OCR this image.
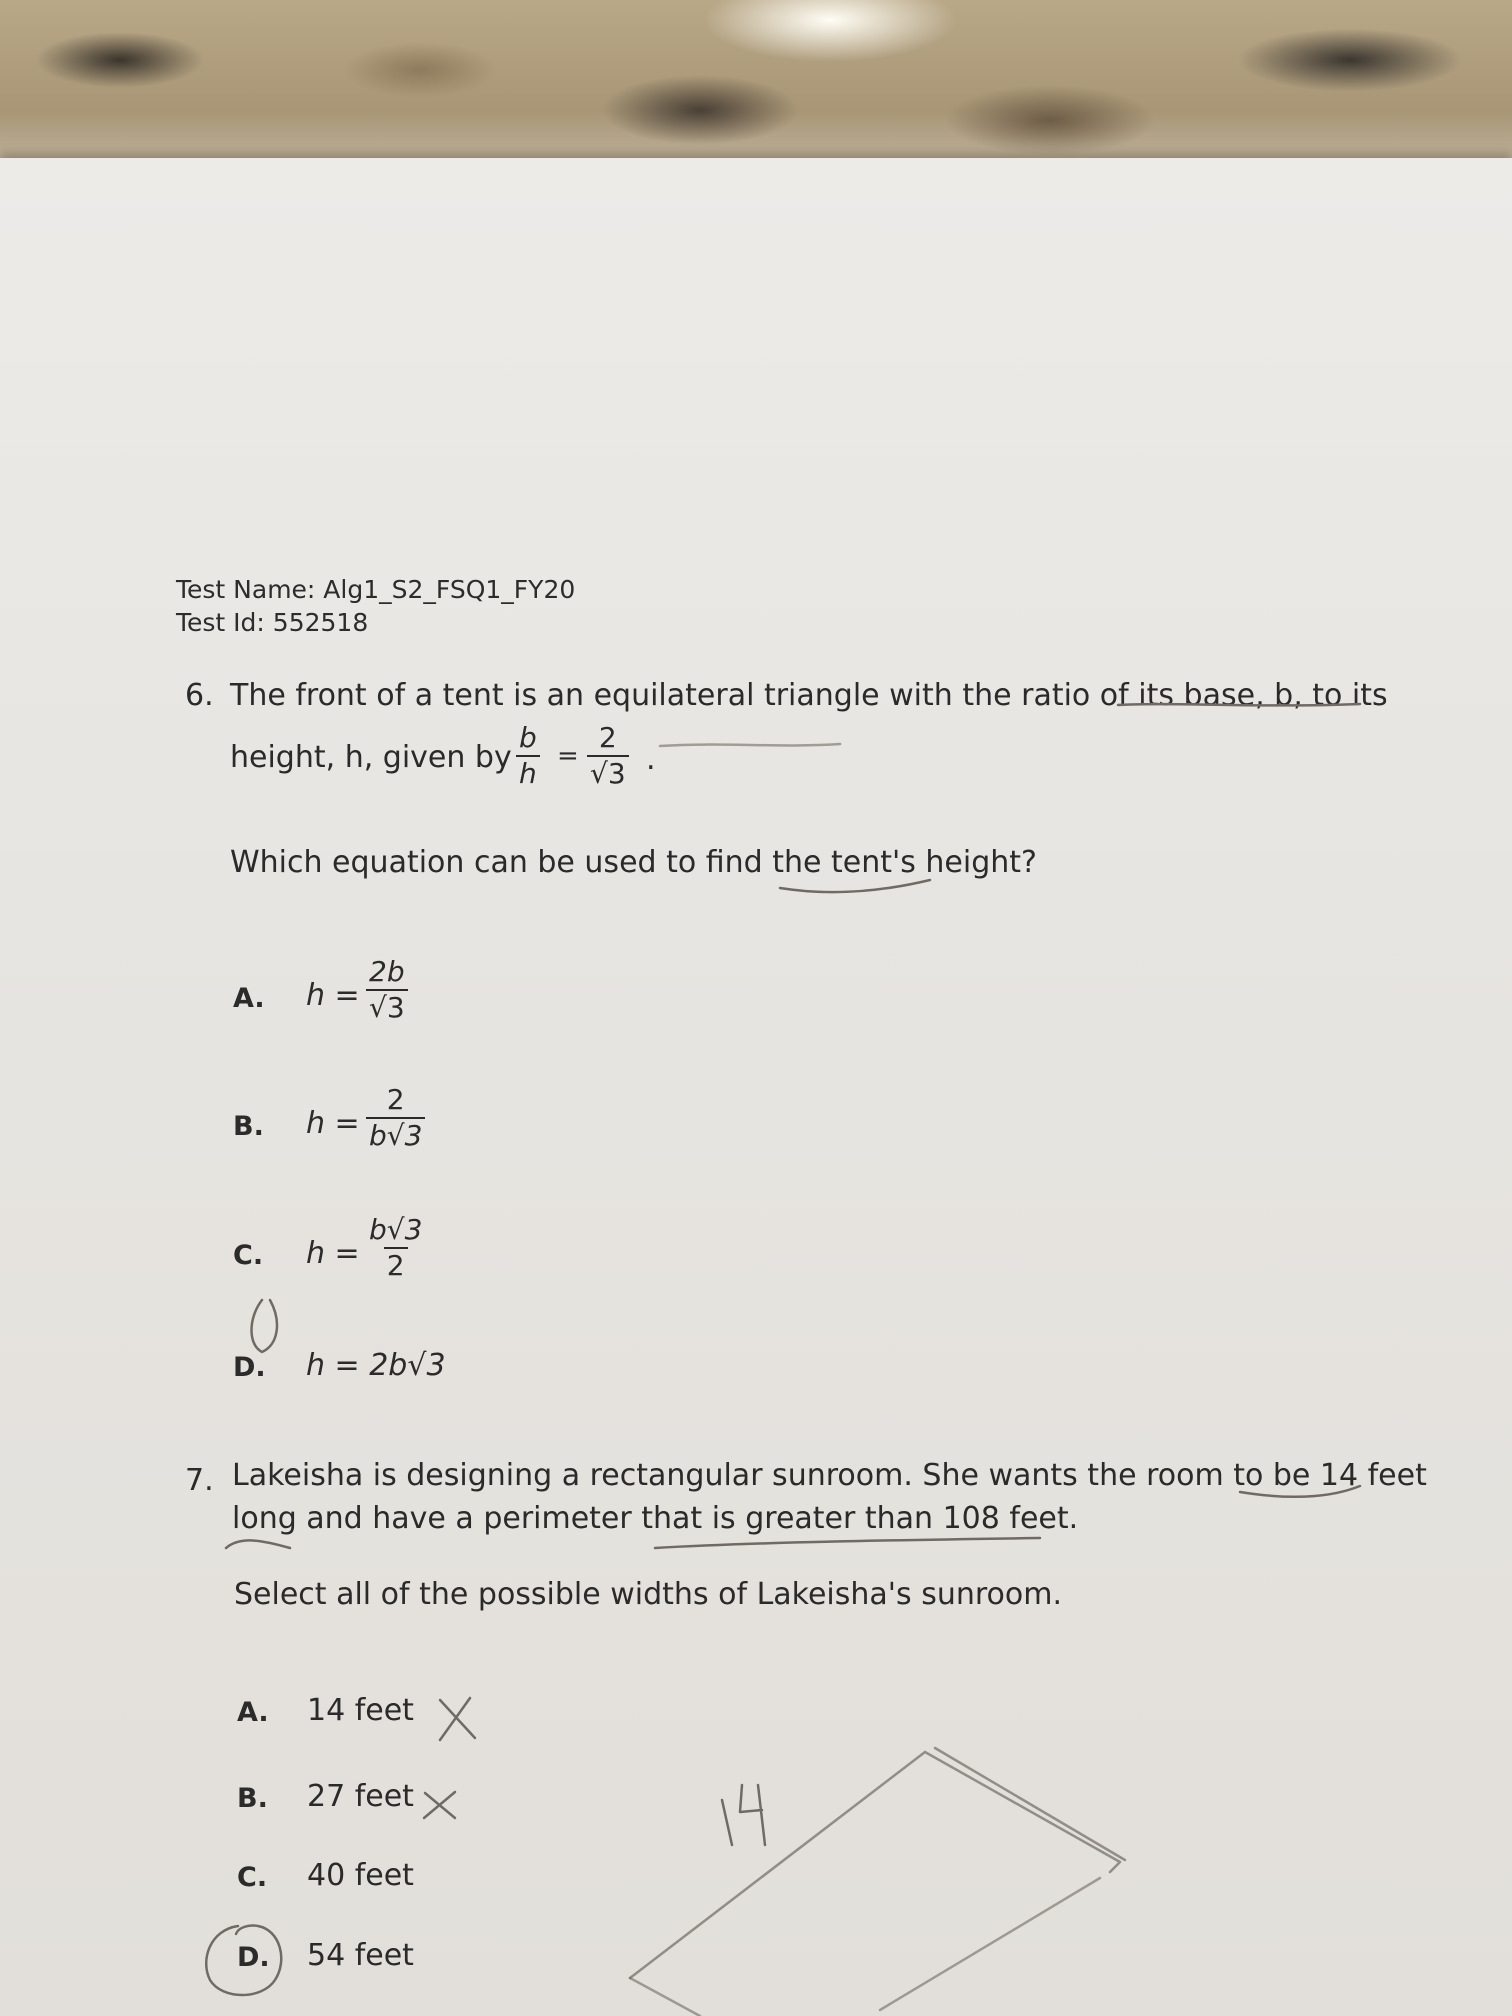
Test Name: Alg1_S2_FSQ1_FY20
Test Id: 552518
6. The front of a tent is an equilateral triangle with the ratio of its base, b, to its
height, h, given by $\frac{b}{h} = \frac{2}{√3}$ .
Which equation can be used to find the tent's height?
A. $h = \frac{2b}{√3}$
B. $h = \frac{2}{b√3}$
C. $h = \frac{b√3}{2}$
D. h = 2b√3
7. Lakeisha is designing a rectangular sunroom. She wants the room to be 14 feet
long and have a perimeter that is greater than 108 feet.
Select all of the possible widths of Lakeisha's sunroom.
A. 14 feet
B. 27 feet
C. 40 feet
D. 54 feet
